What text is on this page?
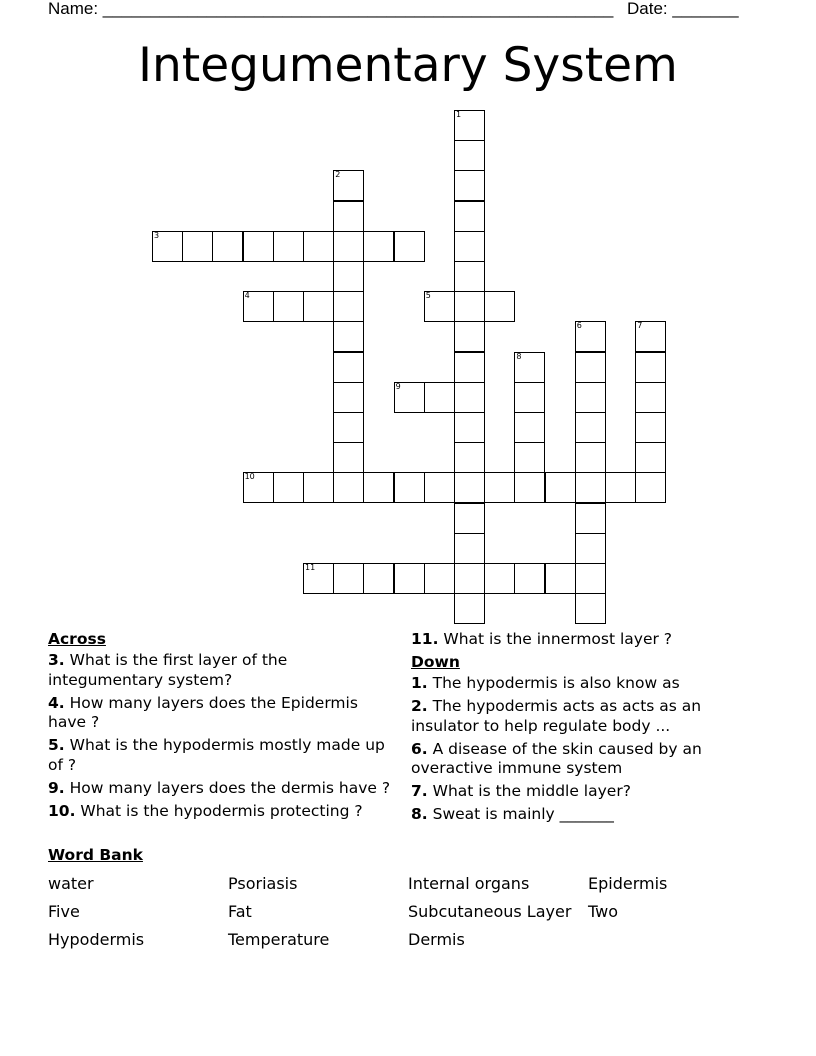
Name: ______________________________________________________ Date: _______
Integumentary System
1
2
3
4	5
6	7
8
9
10
11

Across

3. What is the first layer of the integumentary system?

4. How many layers does the Epidermis have ?

5. What is the hypodermis mostly made up of ?

9. How many layers does the dermis have ?

10. What is the hypodermis protecting ?

11. What is the innermost layer ?

Down

1. The hypodermis is also know as

2. The hypodermis acts as acts as an insulator to help regulate body ...

6. A disease of the skin caused by an overactive immune system

7. What is the middle layer?

8. Sweat is mainly _______

Word Bank
water	Psoriasis	Internal organs	Epidermis
Five	Fat	Subcutaneous Layer Two
Hypodermis	Temperature	Dermis
